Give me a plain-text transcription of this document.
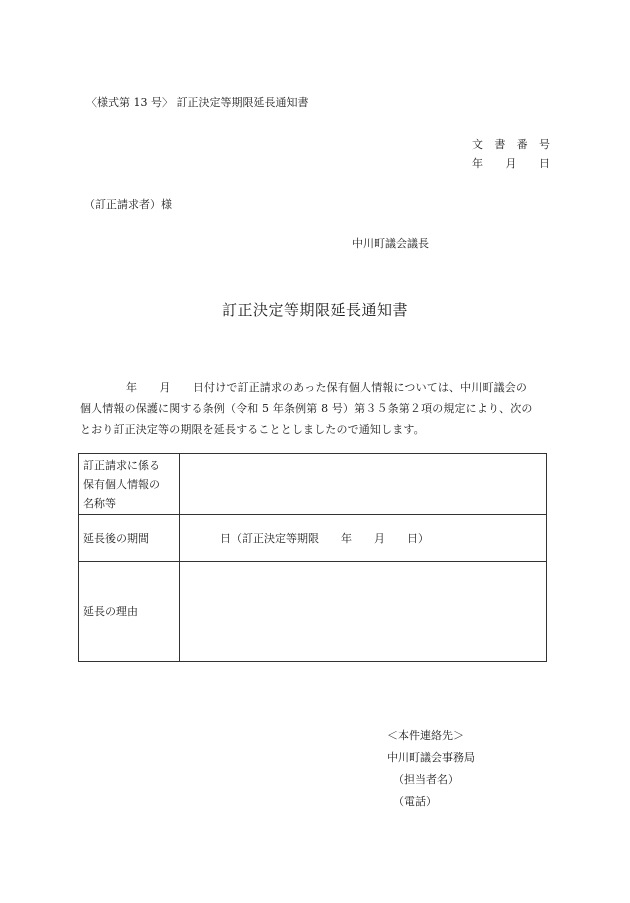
〈様式第 13 号〉 訂正決定等期限延長通知書
文 書 番 号
年 月 日
（訂正請求者）様
中川町議会議長
訂正決定等期限延長通知書

年　　月　　日付けで訂正請求のあった保有個人情報については、中川町議会の

個人情報の保護に関する条例（令和 5 年条例第 8 号）第３５条第２項の規定により、次の

とおり訂正決定等の期限を延長することとしましたので通知します。

訂正請求に係る
保有個人情報の
名称等	

延長後の期間	日（訂正決定等期限　　年　　月　　日）
延長の理由	
＜本件連絡先＞
中川町議会事務局
（担当者名）
（電話）
